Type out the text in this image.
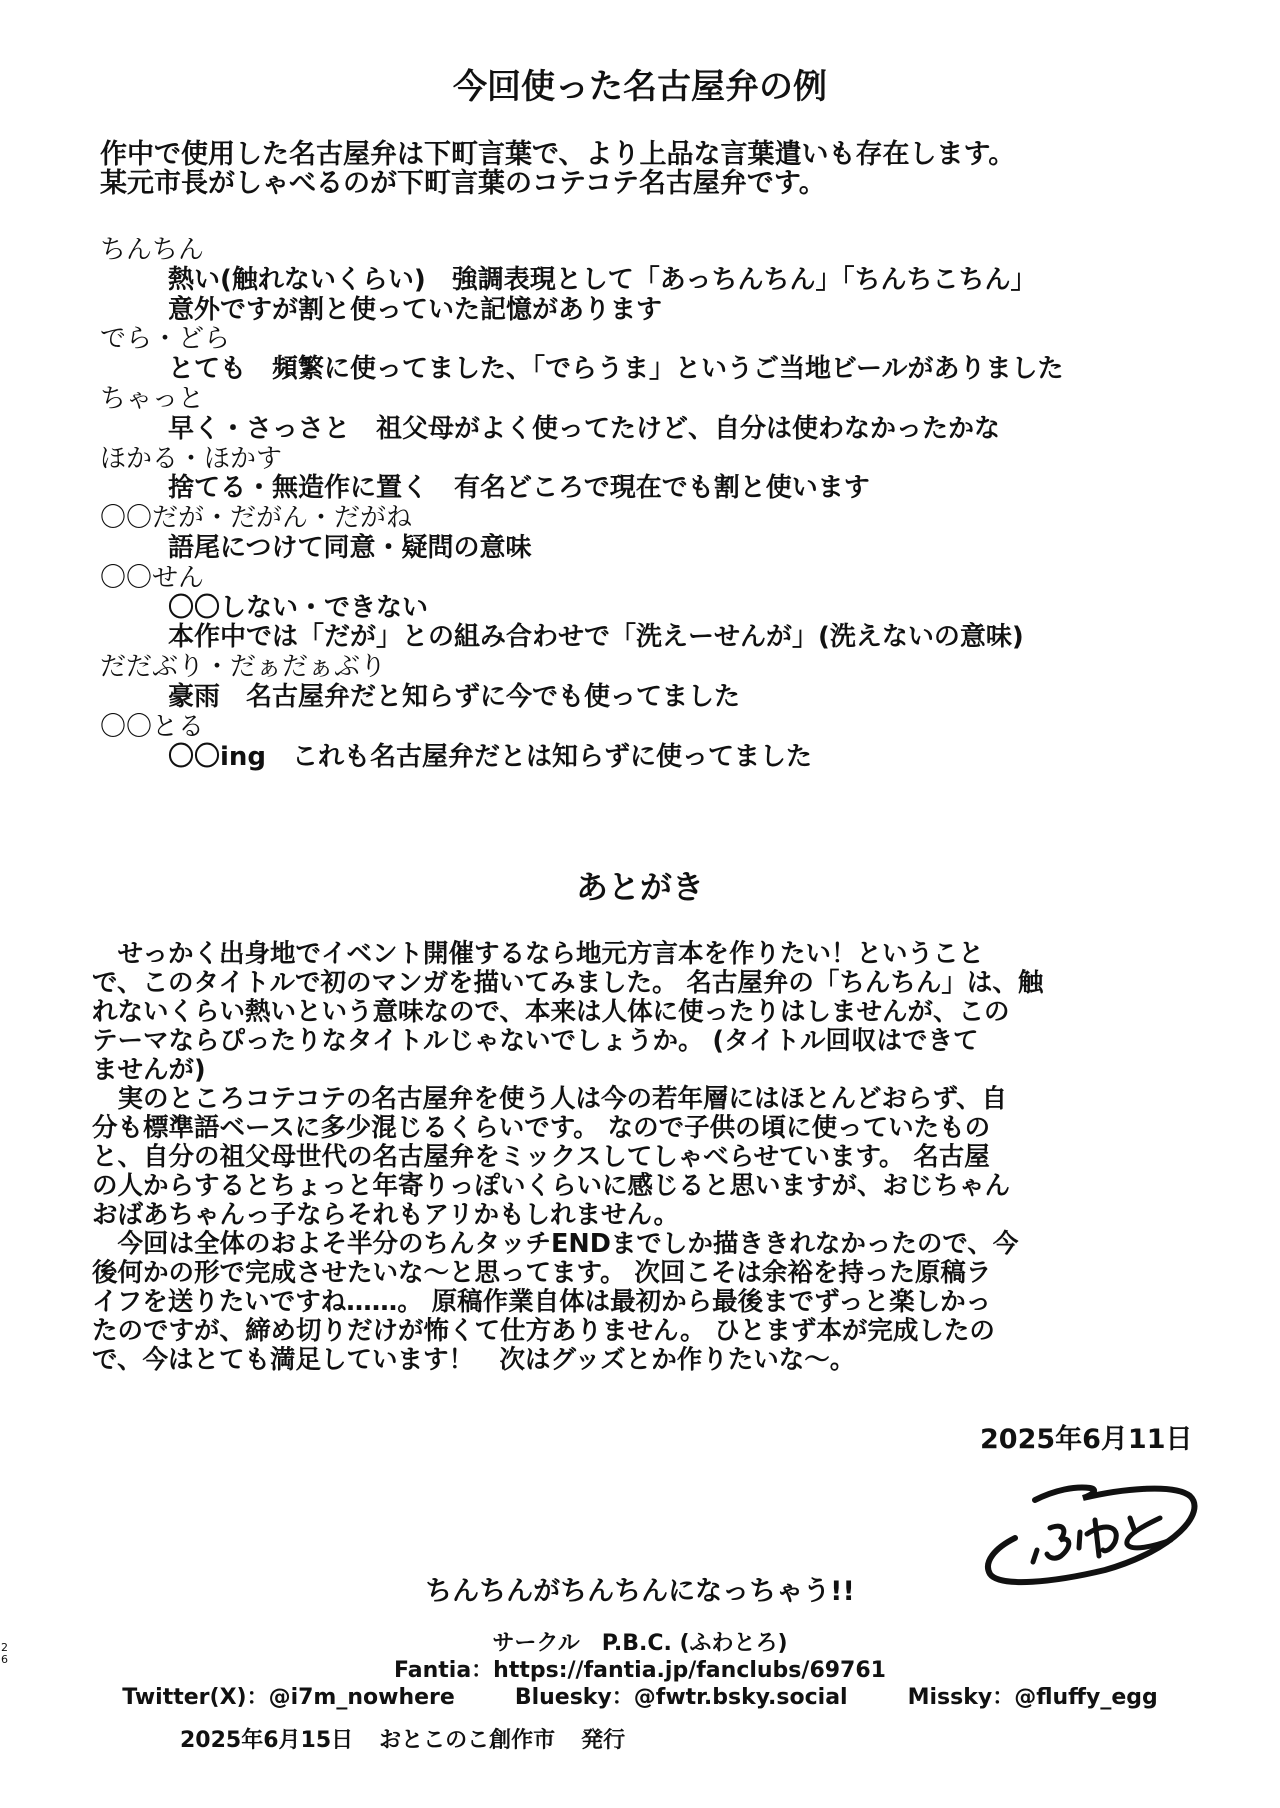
今回使った名古屋弁の例
作中で使用した名古屋弁は下町言葉で、より上品な言葉遣いも存在します。
某元市長がしゃべるのが下町言葉のコテコテ名古屋弁です。
ちんちん
熱い(触れないくらい)　強調表現として「あっちんちん」「ちんちこちん」
意外ですが割と使っていた記憶があります
でら・どら
とても　頻繁に使ってました、「でらうま」というご当地ビールがありました
ちゃっと
早く・さっさと　祖父母がよく使ってたけど、自分は使わなかったかな
ほかる・ほかす
捨てる・無造作に置く　有名どころで現在でも割と使います
〇〇だが・だがん・だがね
語尾につけて同意・疑問の意味
〇〇せん
〇〇しない・できない
本作中では「だが」との組み合わせで「洗えーせんが」(洗えないの意味)
だだぶり・だぁだぁぶり
豪雨　名古屋弁だと知らずに今でも使ってました
〇〇とる
〇〇ing　これも名古屋弁だとは知らずに使ってました
あとがき
　せっかく出身地でイベント開催するなら地元方言本を作りたい！ということ
で、このタイトルで初のマンガを描いてみました。 名古屋弁の「ちんちん」は、触
れないくらい熱いという意味なので、本来は人体に使ったりはしませんが、この
テーマならぴったりなタイトルじゃないでしょうか。 (タイトル回収はできて
ませんが)
　実のところコテコテの名古屋弁を使う人は今の若年層にはほとんどおらず、自
分も標準語ベースに多少混じるくらいです。 なので子供の頃に使っていたもの
と、自分の祖父母世代の名古屋弁をミックスしてしゃべらせています。 名古屋
の人からするとちょっと年寄りっぽいくらいに感じると思いますが、おじちゃん
おばあちゃんっ子ならそれもアリかもしれません。
　今回は全体のおよそ半分のちんタッチENDまでしか描ききれなかったので、今
後何かの形で完成させたいな〜と思ってます。 次回こそは余裕を持った原稿ラ
イフを送りたいですね……。 原稿作業自体は最初から最後までずっと楽しかっ
たのですが、締め切りだけが怖くて仕方ありません。 ひとまず本が完成したの
で、今はとても満足しています！　次はグッズとか作りたいな〜。
2025年6月11日
ちんちんがちんちんになっちゃう!!
サークル　P.B.C. (ふわとろ)
Fantia：https://fantia.jp/fanclubs/69761
Twitter(X)：@i7m_nowhere	Bluesky：@fwtr.bsky.social	Missky：@fluffy_egg
2025年6月15日 おとこのこ創作市 発行
2
6
